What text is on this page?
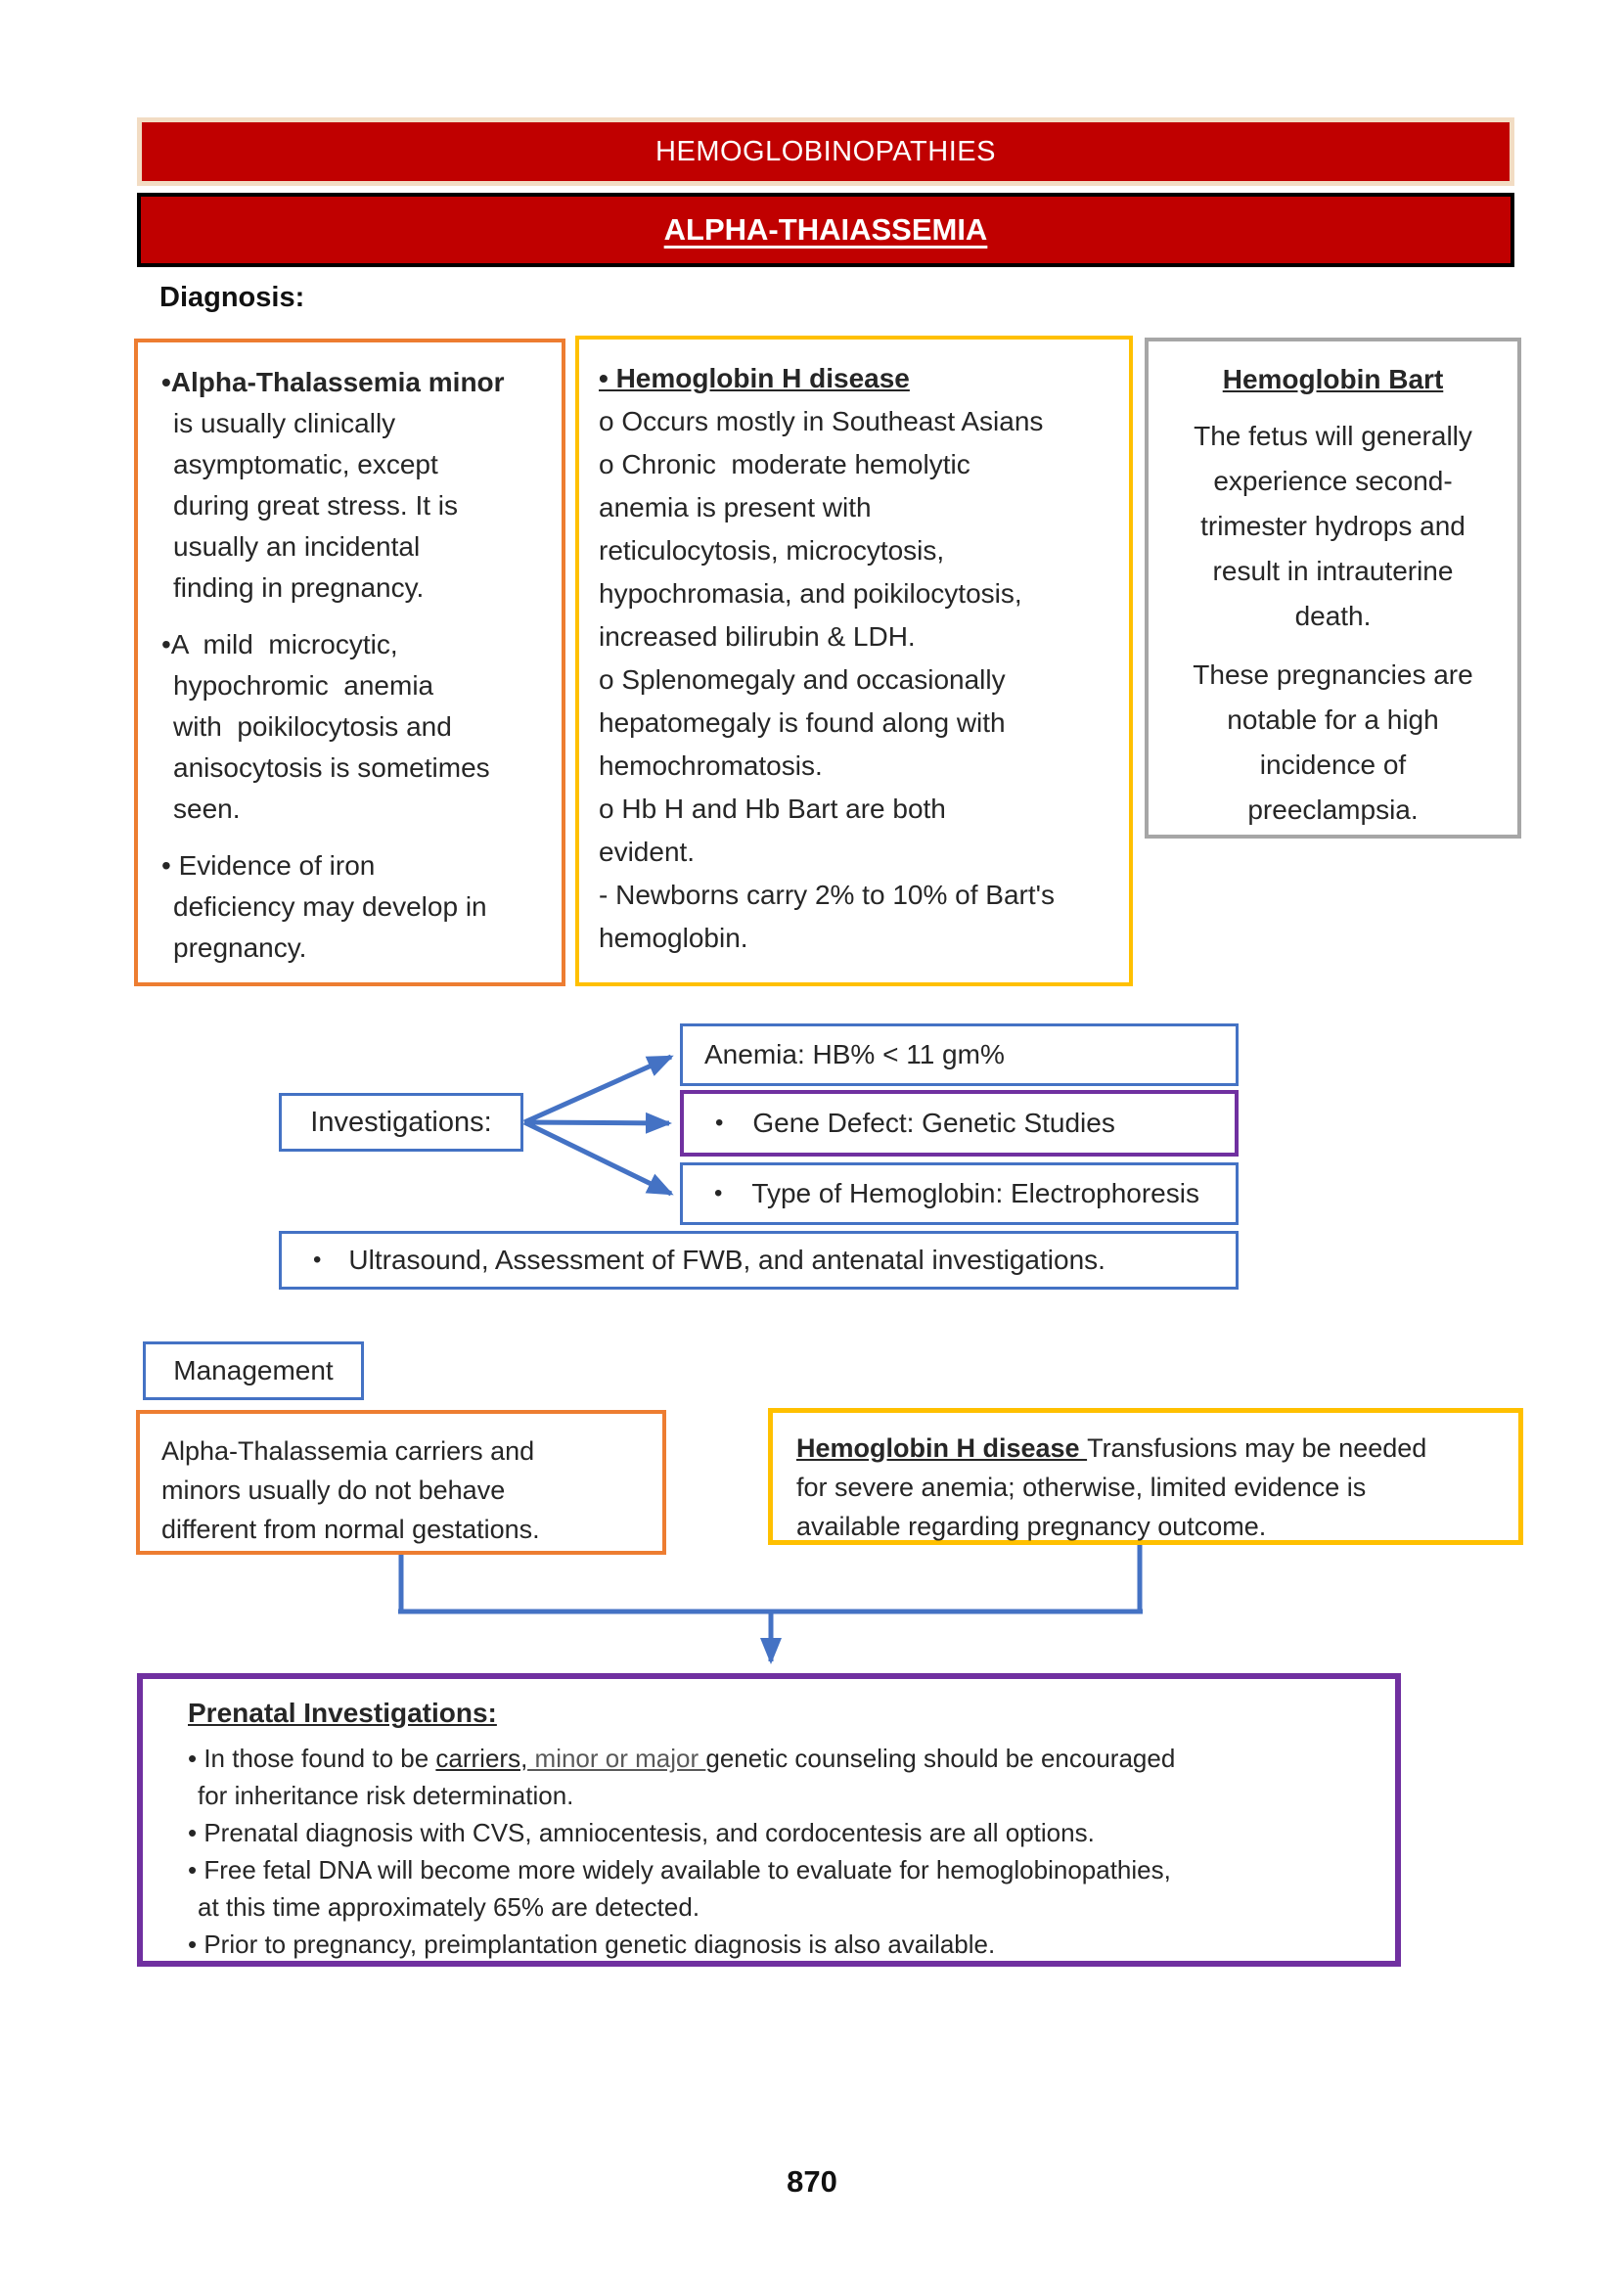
HEMOGLOBINOPATHIES
ALPHA-THAIASSEMIA
Diagnosis:
•Alpha-Thalassemia minor
is usually clinically
asymptomatic, except
during great stress. It is
usually an incidental
finding in pregnancy.
•A  mild  microcytic,
hypochromic  anemia
with  poikilocytosis and
anisocytosis is sometimes
seen.
• Evidence of iron
deficiency may develop in
pregnancy.
• Hemoglobin H disease
o Occurs mostly in Southeast Asians
o Chronic  moderate hemolytic
anemia is present with
reticulocytosis, microcytosis,
hypochromasia, and poikilocytosis,
increased bilirubin & LDH.
o Splenomegaly and occasionally
hepatomegaly is found along with
hemochromatosis.
o Hb H and Hb Bart are both
evident.
- Newborns carry 2% to 10% of Bart's
hemoglobin.
Hemoglobin Bart
The fetus will generally
experience second-
trimester hydrops and
result in intrauterine
death.
These pregnancies are
notable for a high
incidence of
preeclampsia.
Investigations:
Anemia: HB% < 11 gm%
• Gene Defect: Genetic Studies
• Type of Hemoglobin: Electrophoresis
• Ultrasound, Assessment of FWB, and antenatal investigations.
Management
Alpha-Thalassemia carriers and
minors usually do not behave
different from normal gestations.
Hemoglobin H disease Transfusions may be needed
for severe anemia; otherwise, limited evidence is
available regarding pregnancy outcome.
Prenatal Investigations:
• In those found to be carriers, minor or major genetic counseling should be encouraged
for inheritance risk determination.
• Prenatal diagnosis with CVS, amniocentesis, and cordocentesis are all options.
• Free fetal DNA will become more widely available to evaluate for hemoglobinopathies,
at this time approximately 65% are detected.
• Prior to pregnancy, preimplantation genetic diagnosis is also available.
870
